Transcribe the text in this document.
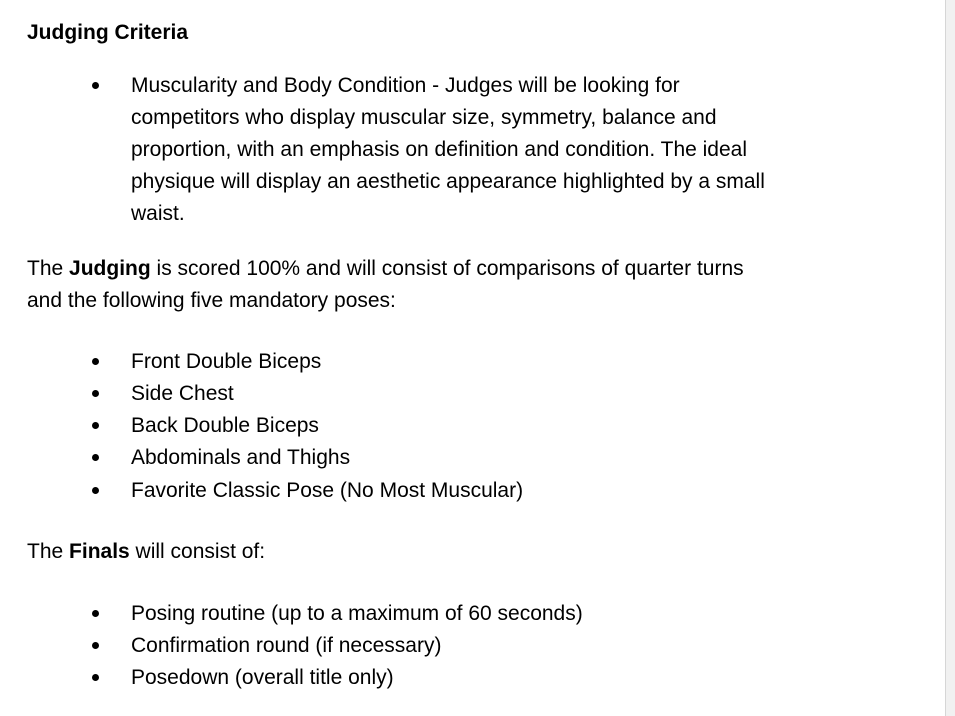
Judging Criteria
Muscularity and Body Condition - Judges will be looking for
competitors who display muscular size, symmetry, balance and
proportion, with an emphasis on definition and condition. The ideal
physique will display an aesthetic appearance highlighted by a small
waist.
The Judging is scored 100% and will consist of comparisons of quarter turns
and the following five mandatory poses:
Front Double Biceps
Side Chest
Back Double Biceps
Abdominals and Thighs
Favorite Classic Pose (No Most Muscular)
The Finals will consist of:
Posing routine (up to a maximum of 60 seconds)
Confirmation round (if necessary)
Posedown (overall title only)
